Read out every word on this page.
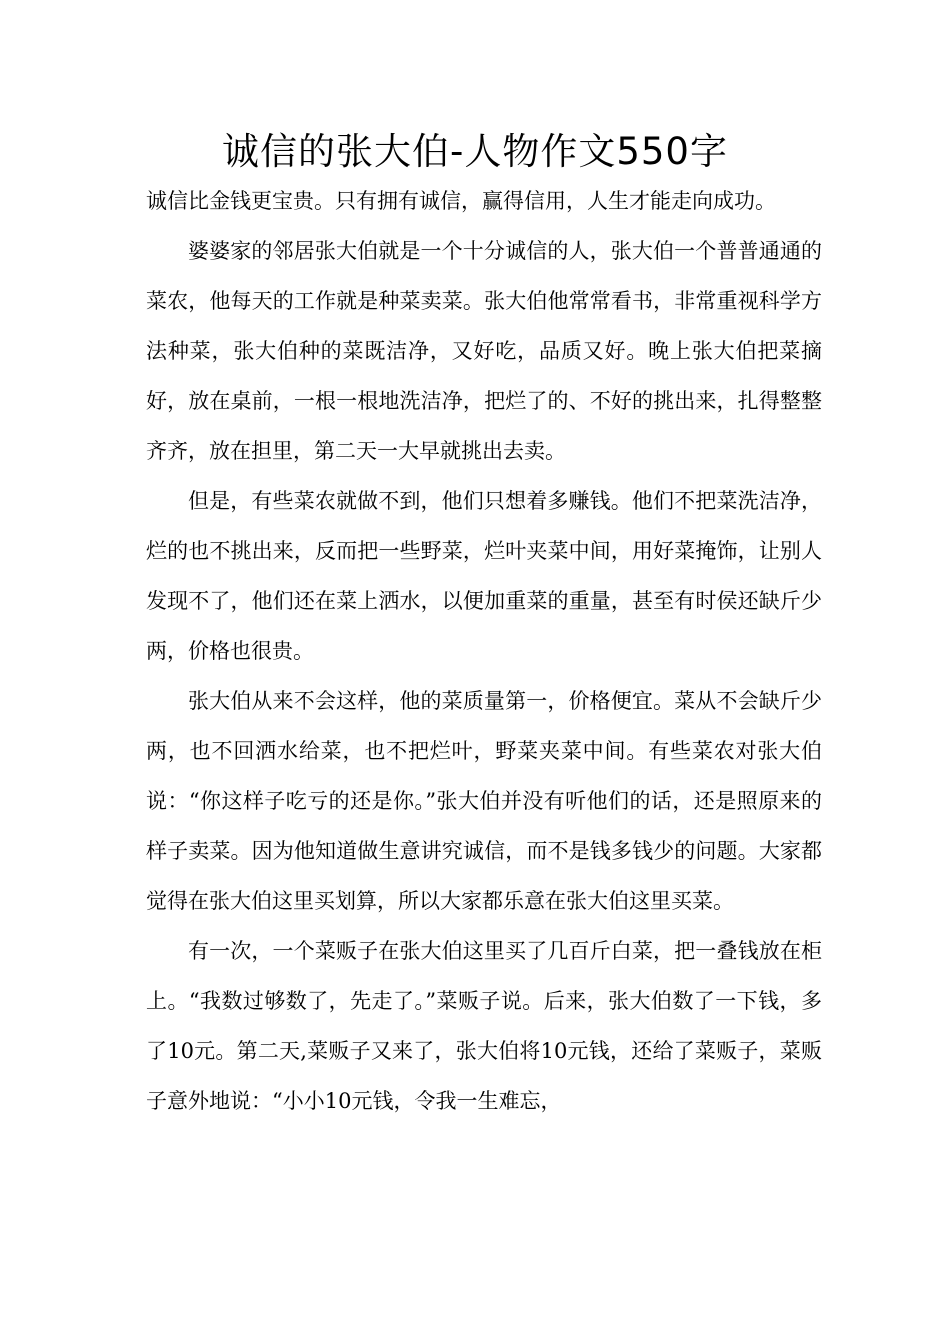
诚信的张大伯-人物作文550字

诚信比金钱更宝贵。只有拥有诚信，赢得信用，人生才能走向成功。

婆婆家的邻居张大伯就是一个十分诚信的人，张大伯一个普普通通的菜农，他每天的工作就是种菜卖菜。张大伯他常常看书，非常重视科学方法种菜，张大伯种的菜既洁净，又好吃，品质又好。晚上张大伯把菜摘好，放在桌前，一根一根地洗洁净，把烂了的、不好的挑出来，扎得整整齐齐，放在担里，第二天一大早就挑出去卖。

但是，有些菜农就做不到，他们只想着多赚钱。他们不把菜洗洁净，烂的也不挑出来，反而把一些野菜，烂叶夹菜中间，用好菜掩饰，让别人发现不了，他们还在菜上洒水，以便加重菜的重量，甚至有时侯还缺斤少两，价格也很贵。

张大伯从来不会这样，他的菜质量第一，价格便宜。菜从不会缺斤少两，也不回洒水给菜，也不把烂叶，野菜夹菜中间。有些菜农对张大伯说：“你这样子吃亏的还是你。”张大伯并没有听他们的话，还是照原来的样子卖菜。因为他知道做生意讲究诚信，而不是钱多钱少的问题。大家都觉得在张大伯这里买划算，所以大家都乐意在张大伯这里买菜。

有一次，一个菜贩子在张大伯这里买了几百斤白菜，把一叠钱放在柜上。“我数过够数了，先走了。”菜贩子说。后来，张大伯数了一下钱，多了10元。第二天,菜贩子又来了，张大伯将10元钱，还给了菜贩子，菜贩子意外地说：“小小10元钱，令我一生难忘，
